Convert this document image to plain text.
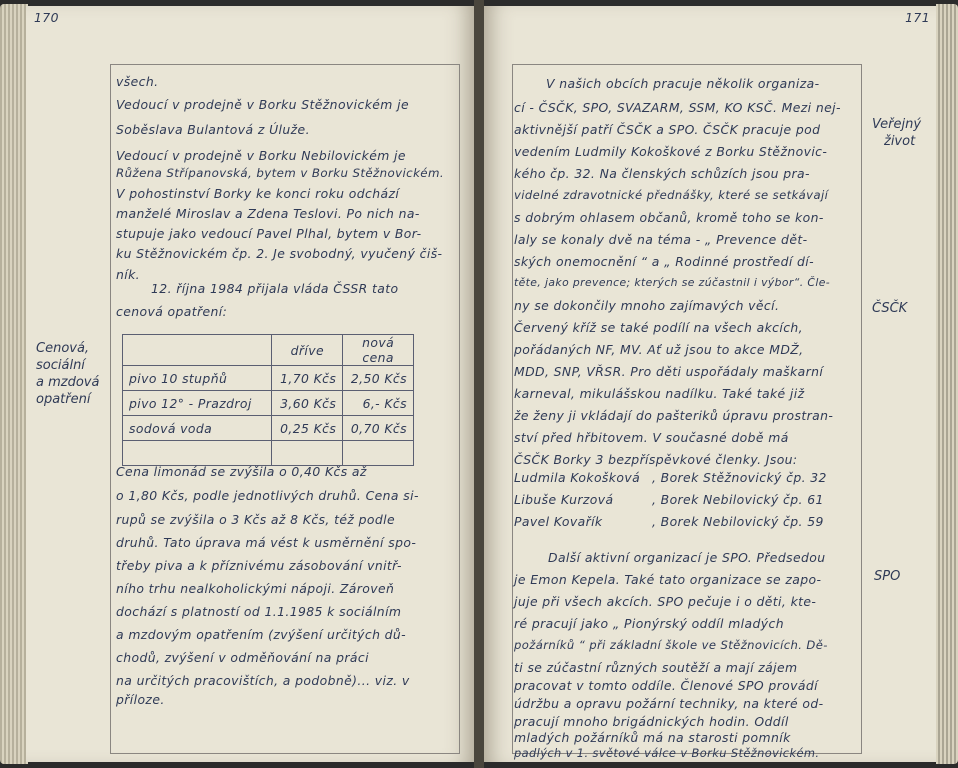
170
všech.
Vedoucí v prodejně v Borku Stěžnovickém je
Soběslava Bulantová z Úluže.
Vedoucí v prodejně v Borku Nebilovickém je
Růžena Střípanovská, bytem v Borku Stěžnovickém.
V pohostinství Borky ke konci roku odchází
manželé Miroslav a Zdena Teslovi. Po nich na-
stupuje jako vedoucí Pavel Plhal, bytem v Bor-
ku Stěžnovickém čp. 2. Je svobodný, vyučený čiš-
ník.
12. října 1984 přijala vláda ČSSR tato
cenová opatření:
	dříve	nová cena
pivo 10 stupňů	1,70 Kčs	2,50 Kčs
pivo 12° - Prazdroj	3,60 Kčs	6,- Kčs
sodová voda	0,25 Kčs	0,70 Kčs

Cena limonád se zvýšila o 0,40 Kčs až
o 1,80 Kčs, podle jednotlivých druhů. Cena si-
rupů se zvýšila o 3 Kčs až 8 Kčs, též podle
druhů. Tato úprava má vést k usměrnění spo-
třeby piva a k příznivému zásobování vnitř-
ního trhu nealkoholickými nápoji. Zároveň
dochází s platností od 1.1.1985 k sociálním
a mzdovým opatřením (zvýšení určitých dů-
chodů, zvýšení v odměňování na práci
na určitých pracovištích, a podobně)... viz. v
příloze.
Cenová,
sociální
a mzdová
opatření
171
V našich obcích pracuje několik organiza-
cí - ČSČK, SPO, SVAZARM, SSM, KO KSČ. Mezi nej-
aktivnější patří ČSČK a SPO. ČSČK pracuje pod
vedením Ludmily Kokoškové z Borku Stěžnovic-
kého čp. 32. Na členských schůzích jsou pra-
videlné zdravotnické přednášky, které se setkávají
s dobrým ohlasem občanů, kromě toho se kon-
laly se konaly dvě na téma - „ Prevence dět-
ských onemocnění “ a „ Rodinné prostředí dí-
těte, jako prevence; kterých se zúčastnil i výbor“. Čle-
ny se dokončily mnoho zajímavých věcí.
Červený kříž se také podílí na všech akcích,
pořádaných NF, MV. Ať už jsou to akce MDŽ,
MDD, SNP, VŘSR. Pro děti uspořádaly maškarní
karneval, mikulášskou nadílku. Také také již
že ženy ji vkládají do pašteriků úpravu prostran-
ství před hřbitovem. V současné době má
ČSČK Borky 3 bezpříspěvkové členky. Jsou:
Ludmila Kokošková , Borek Stěžnovický čp. 32
Libuše Kurzová	, Borek Nebilovický čp. 61
Pavel Kovařík	, Borek Nebilovický čp. 59
Další aktivní organizací je SPO. Předsedou
je Emon Kepela. Také tato organizace se zapo-
juje při všech akcích. SPO pečuje i o děti, kte-
ré pracují jako „ Pionýrský oddíl mladých
požárníků “ při základní škole ve Stěžnovicích. Dě-
ti se zúčastní různých soutěží a mají zájem
pracovat v tomto oddíle. Členové SPO provádí
údržbu a opravu požární techniky, na které od-
pracují mnoho brigádnických hodin. Oddíl
mladých požárníků má na starosti pomník
padlých v 1. světové válce v Borku Stěžnovickém.
Veřejný
život
ČSČK
SPO
